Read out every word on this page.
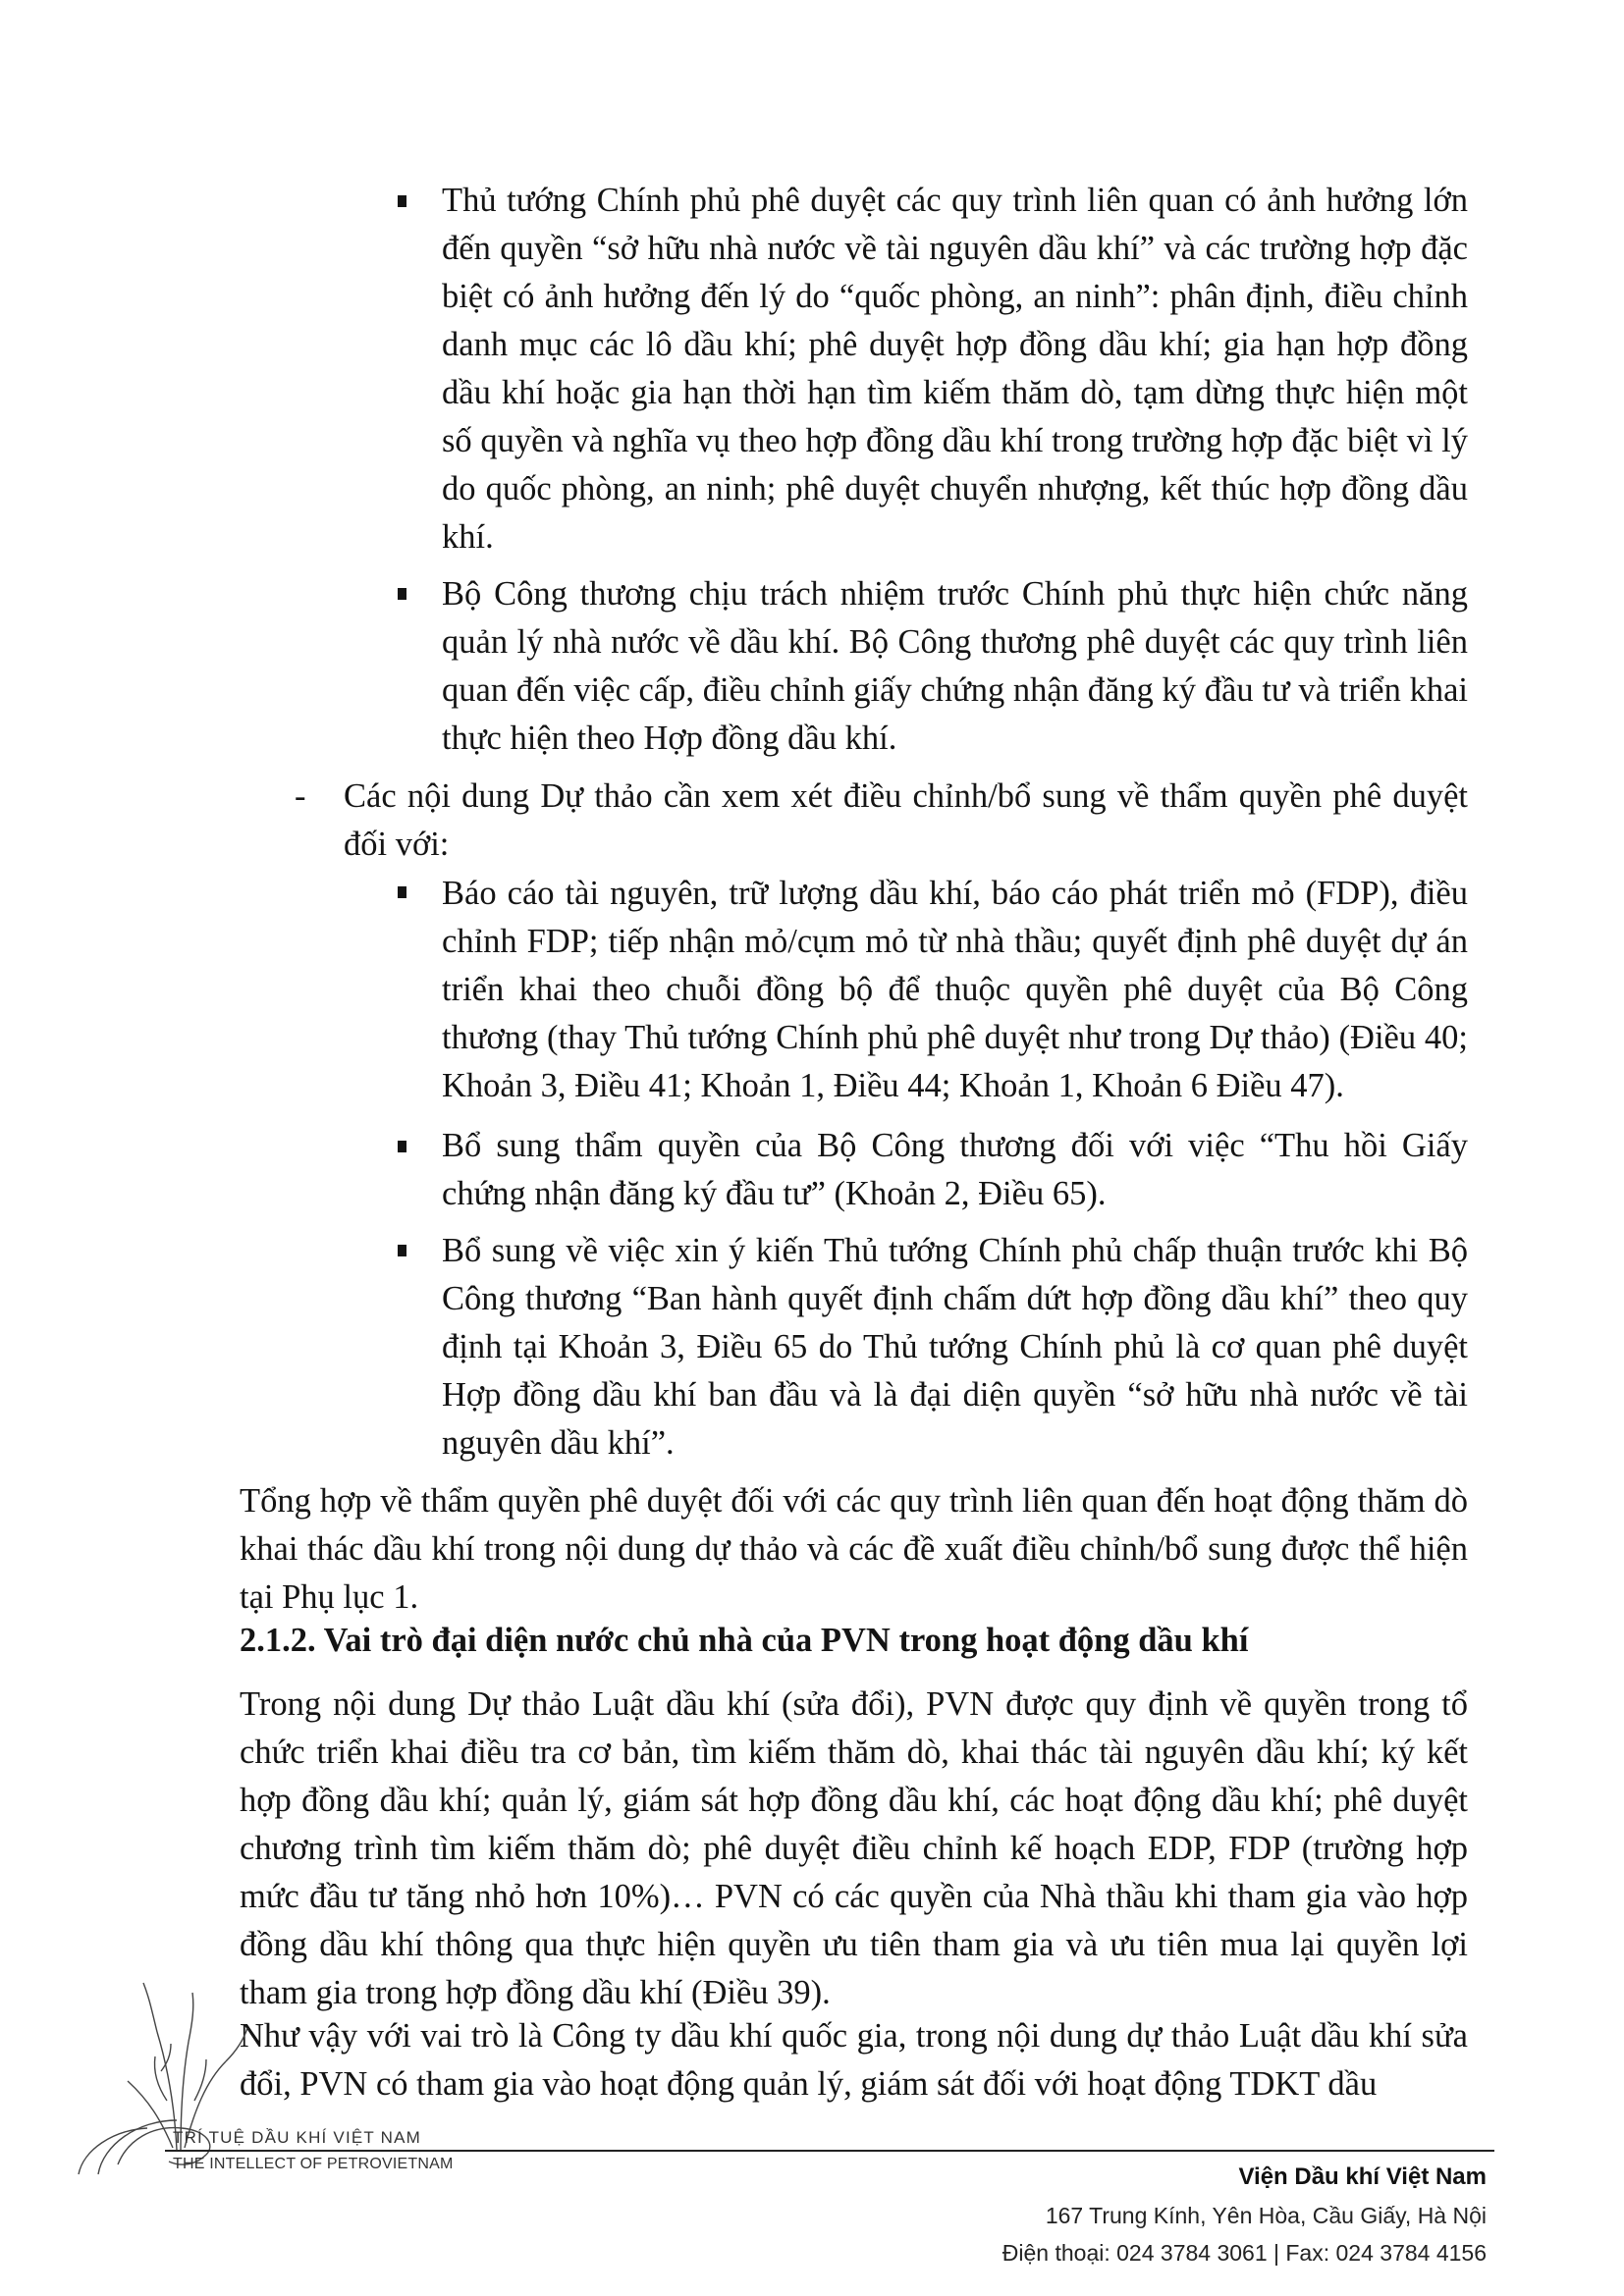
Thủ tướng Chính phủ phê duyệt các quy trình liên quan có ảnh hưởng lớn đến quyền “sở hữu nhà nước về tài nguyên dầu khí” và các trường hợp đặc biệt có ảnh hưởng đến lý do “quốc phòng, an ninh”: phân định, điều chỉnh danh mục các lô dầu khí; phê duyệt hợp đồng dầu khí; gia hạn hợp đồng dầu khí hoặc gia hạn thời hạn tìm kiếm thăm dò, tạm dừng thực hiện một số quyền và nghĩa vụ theo hợp đồng dầu khí trong trường hợp đặc biệt vì lý do quốc phòng, an ninh; phê duyệt chuyển nhượng, kết thúc hợp đồng dầu khí.

Bộ Công thương chịu trách nhiệm trước Chính phủ thực hiện chức năng quản lý nhà nước về dầu khí. Bộ Công thương phê duyệt các quy trình liên quan đến việc cấp, điều chỉnh giấy chứng nhận đăng ký đầu tư và triển khai thực hiện theo Hợp đồng dầu khí.

- Các nội dung Dự thảo cần xem xét điều chỉnh/bổ sung về thẩm quyền phê duyệt đối với:

Báo cáo tài nguyên, trữ lượng dầu khí, báo cáo phát triển mỏ (FDP), điều chỉnh FDP; tiếp nhận mỏ/cụm mỏ từ nhà thầu; quyết định phê duyệt dự án triển khai theo chuỗi đồng bộ để thuộc quyền phê duyệt của Bộ Công thương (thay Thủ tướng Chính phủ phê duyệt như trong Dự thảo) (Điều 40; Khoản 3, Điều 41; Khoản 1, Điều 44; Khoản 1, Khoản 6 Điều 47).

Bổ sung thẩm quyền của Bộ Công thương đối với việc “Thu hồi Giấy chứng nhận đăng ký đầu tư” (Khoản 2, Điều 65).

Bổ sung về việc xin ý kiến Thủ tướng Chính phủ chấp thuận trước khi Bộ Công thương “Ban hành quyết định chấm dứt hợp đồng dầu khí” theo quy định tại Khoản 3, Điều 65 do Thủ tướng Chính phủ là cơ quan phê duyệt Hợp đồng dầu khí ban đầu và là đại diện quyền “sở hữu nhà nước về tài nguyên dầu khí”.

Tổng hợp về thẩm quyền phê duyệt đối với các quy trình liên quan đến hoạt động thăm dò khai thác dầu khí trong nội dung dự thảo và các đề xuất điều chỉnh/bổ sung được thể hiện tại Phụ lục 1.

2.1.2. Vai trò đại diện nước chủ nhà của PVN trong hoạt động dầu khí

Trong nội dung Dự thảo Luật dầu khí (sửa đổi), PVN được quy định về quyền trong tổ chức triển khai điều tra cơ bản, tìm kiếm thăm dò, khai thác tài nguyên dầu khí; ký kết hợp đồng dầu khí; quản lý, giám sát hợp đồng dầu khí, các hoạt động dầu khí; phê duyệt chương trình tìm kiếm thăm dò; phê duyệt điều chỉnh kế hoạch EDP, FDP (trường hợp mức đầu tư tăng nhỏ hơn 10%)… PVN có các quyền của Nhà thầu khi tham gia vào hợp đồng dầu khí thông qua thực hiện quyền ưu tiên tham gia và ưu tiên mua lại quyền lợi tham gia trong hợp đồng dầu khí (Điều 39).

Như vậy với vai trò là Công ty dầu khí quốc gia, trong nội dung dự thảo Luật dầu khí sửa đổi, PVN có tham gia vào hoạt động quản lý, giám sát đối với hoạt động TDKT dầu

TRÍ TUỆ DẦU KHÍ VIỆT NAM
THE INTELLECT OF PETROVIETNAM	Viện Dầu khí Việt Nam
167 Trung Kính, Yên Hòa, Cầu Giấy, Hà Nội
Điện thoại: 024 3784 3061 | Fax: 024 3784 4156
